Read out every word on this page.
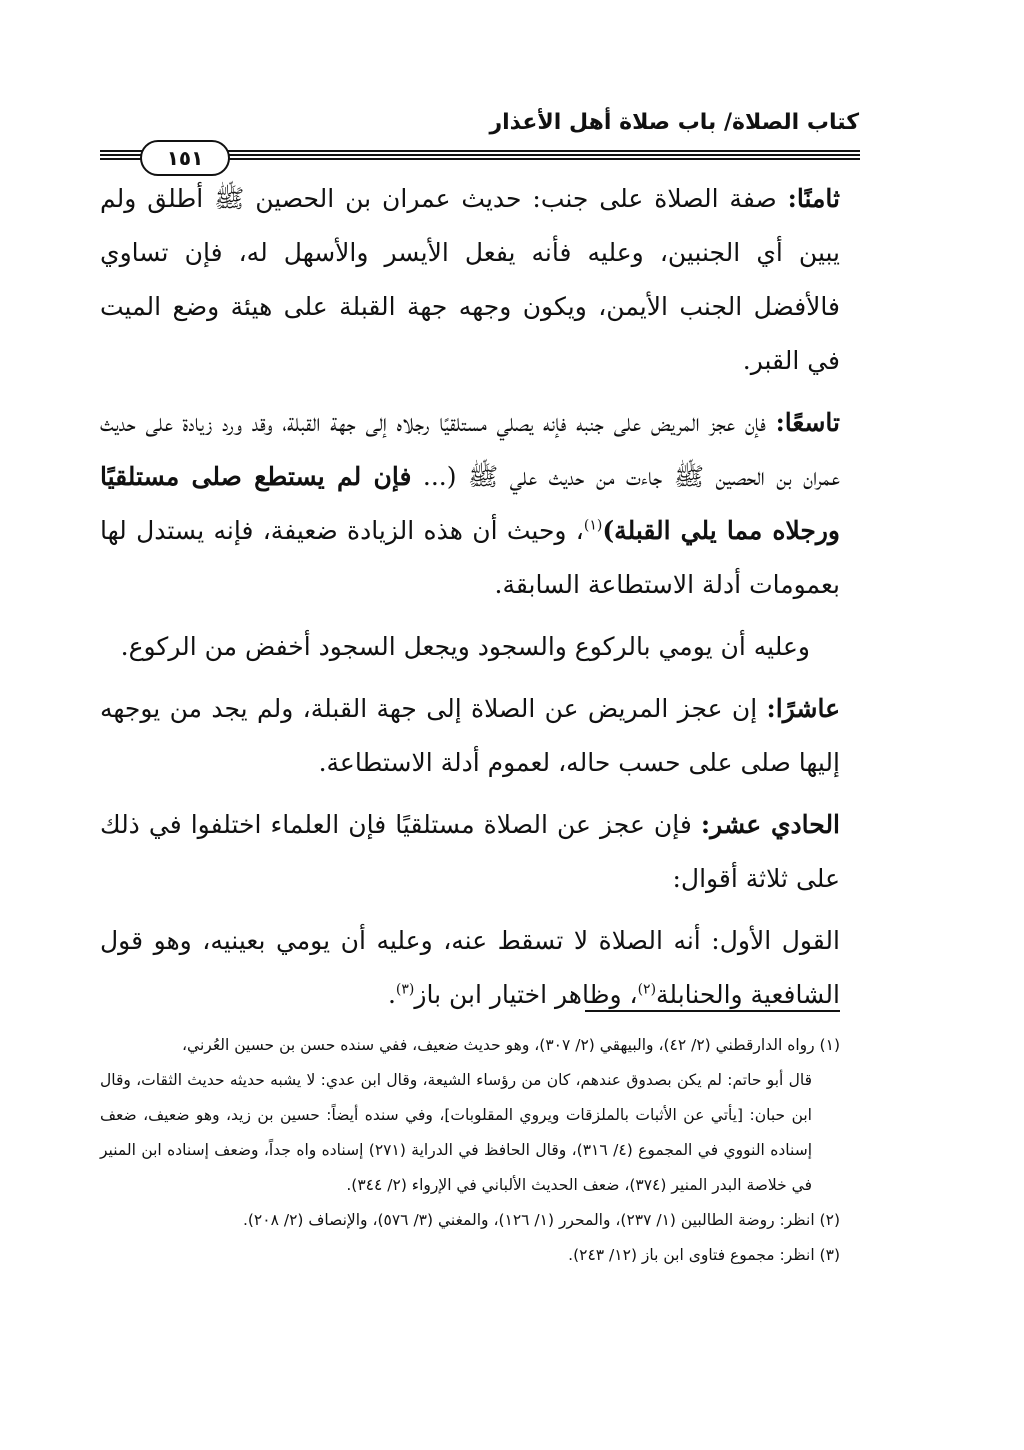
كتاب الصلاة/ باب صلاة أهل الأعذار
١٥١

ثامنًا: صفة الصلاة على جنب: حديث عمران بن الحصين ﷺ أطلق ولم يبين أي الجنبين، وعليه فأنه يفعل الأيسر والأسهل له، فإن تساوي فالأفضل الجنب الأيمن، ويكون وجهه جهة القبلة على هيئة وضع الميت في القبر.

تاسعًا: فإن عجز المريض على جنبه فإنه يصلي مستلقيًا رجلاه إلى جهة القبلة، وقد ورد زيادة على حديث عمران بن الحصين ﷺ جاءت من حديث علي ﷺ (... فإن لم يستطع صلى مستلقيًا ورجلاه مما يلي القبلة)$^{(١)}$، وحيث أن هذه الزيادة ضعيفة، فإنه يستدل لها بعمومات أدلة الاستطاعة السابقة.

وعليه أن يومي بالركوع والسجود ويجعل السجود أخفض من الركوع.

عاشرًا: إن عجز المريض عن الصلاة إلى جهة القبلة، ولم يجد من يوجهه إليها صلى على حسب حاله، لعموم أدلة الاستطاعة.

الحادي عشر: فإن عجز عن الصلاة مستلقيًا فإن العلماء اختلفوا في ذلك على ثلاثة أقوال:

القول الأول: أنه الصلاة لا تسقط عنه، وعليه أن يومي بعينيه، وهو قول الشافعية والحنابلة$^{(٢)}$، وظاهر اختيار ابن باز$^{(٣)}$.

(١) رواه الدارقطني (٢/ ٤٢)، والبيهقي (٢/ ٣٠٧)، وهو حديث ضعيف، ففي سنده حسن بن حسين العُرني،
قال أبو حاتم: لم يكن بصدوق عندهم، كان من رؤساء الشيعة، وقال ابن عدي: لا يشبه حديثه حديث الثقات، وقال ابن حبان: [يأتي عن الأثبات بالملزقات ويروي المقلوبات]، وفي سنده أيضاً: حسين بن زيد، وهو ضعيف، ضعف إسناده النووي في المجموع (٤/ ٣١٦)، وقال الحافظ في الدراية (٢٧١) إسناده واه جداً، وضعف إسناده ابن المنير في خلاصة البدر المنير (٣٧٤)، ضعف الحديث الألباني في الإرواء (٢/ ٣٤٤).

(٢) انظر: روضة الطالبين (١/ ٢٣٧)، والمحرر (١/ ١٢٦)، والمغني (٣/ ٥٧٦)، والإنصاف (٢/ ٢٠٨).

(٣) انظر: مجموع فتاوى ابن باز (١٢/ ٢٤٣).
